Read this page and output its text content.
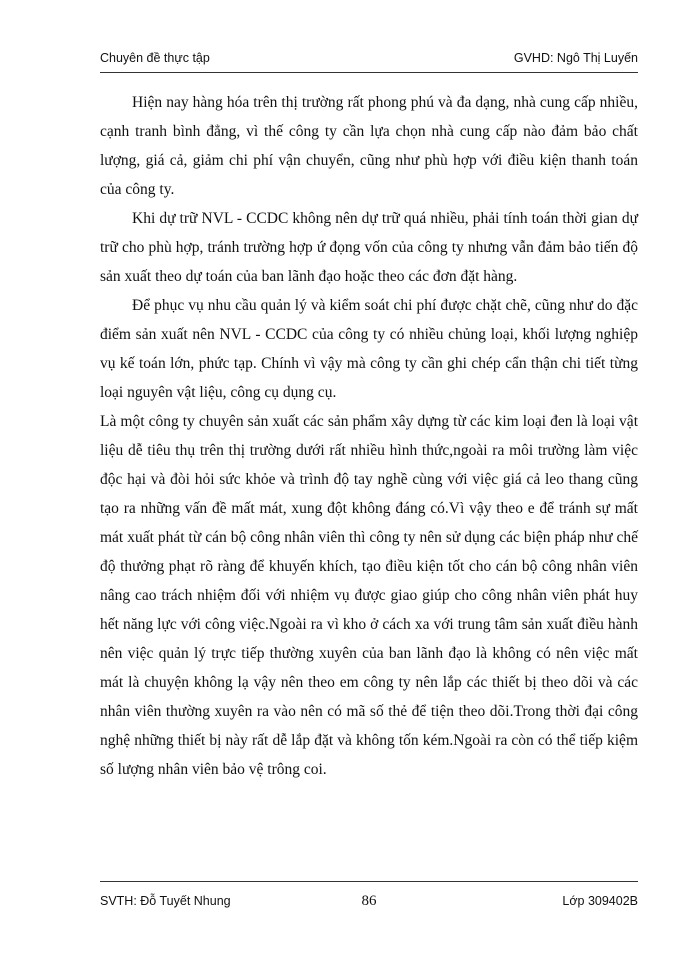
Chuyên đề thực tập	GVHD: Ngô Thị Luyến

Hiện nay hàng hóa trên thị trường rất phong phú và đa dạng, nhà cung cấp nhiều, cạnh tranh bình đẳng, vì thế công ty cần lựa chọn nhà cung cấp nào đảm bảo chất lượng, giá cả, giảm chi phí vận chuyển, cũng như phù hợp với điều kiện thanh toán của công ty.

Khi dự trữ NVL - CCDC không nên dự trữ quá nhiều, phải tính toán thời gian dự trữ cho phù hợp, tránh trường hợp ứ đọng vốn của công ty nhưng vẫn đảm bảo tiến độ sản xuất theo dự toán của ban lãnh đạo hoặc theo các đơn đặt hàng.

Để phục vụ nhu cầu quản lý và kiểm soát chi phí được chặt chẽ, cũng như do đặc điểm sản xuất nên NVL - CCDC của công ty có nhiều chủng loại, khối lượng nghiệp vụ kế toán lớn, phức tạp. Chính vì vậy mà công ty cần ghi chép cẩn thận chi tiết từng loại nguyên vật liệu, công cụ dụng cụ.

Là một công ty chuyên sản xuất các sản phẩm xây dựng từ các kim loại đen là loại vật liệu dễ tiêu thụ trên thị trường dưới rất nhiều hình thức,ngoài ra môi trường làm việc độc hại và đòi hỏi sức khỏe và trình độ tay nghề cùng với việc giá cả leo thang cũng tạo ra những vấn đề mất mát, xung đột không đáng có.Vì vậy theo e để tránh sự mất mát xuất phát từ cán bộ công nhân viên thì công ty nên sử dụng các biện pháp như chế độ thưởng phạt rõ ràng để khuyến khích, tạo điều kiện tốt cho cán bộ công nhân viên nâng cao trách nhiệm đối với nhiệm vụ được giao giúp cho công nhân viên phát huy hết năng lực với công việc.Ngoài ra vì kho ở cách xa với trung tâm sản xuất điều hành nên việc quản lý trực tiếp thường xuyên của ban lãnh đạo là không có nên việc mất mát là chuyện không lạ vậy nên theo em công ty nên lắp các thiết bị theo dõi và các nhân viên thường xuyên ra vào nên có mã số thẻ để tiện theo dõi.Trong thời đại công nghệ những thiết bị này rất dễ lắp đặt và không tốn kém.Ngoài ra còn có thể tiếp kiệm số lượng nhân viên bảo vệ trông coi.

SVTH: Đỗ Tuyết Nhung	86	Lớp 309402B
